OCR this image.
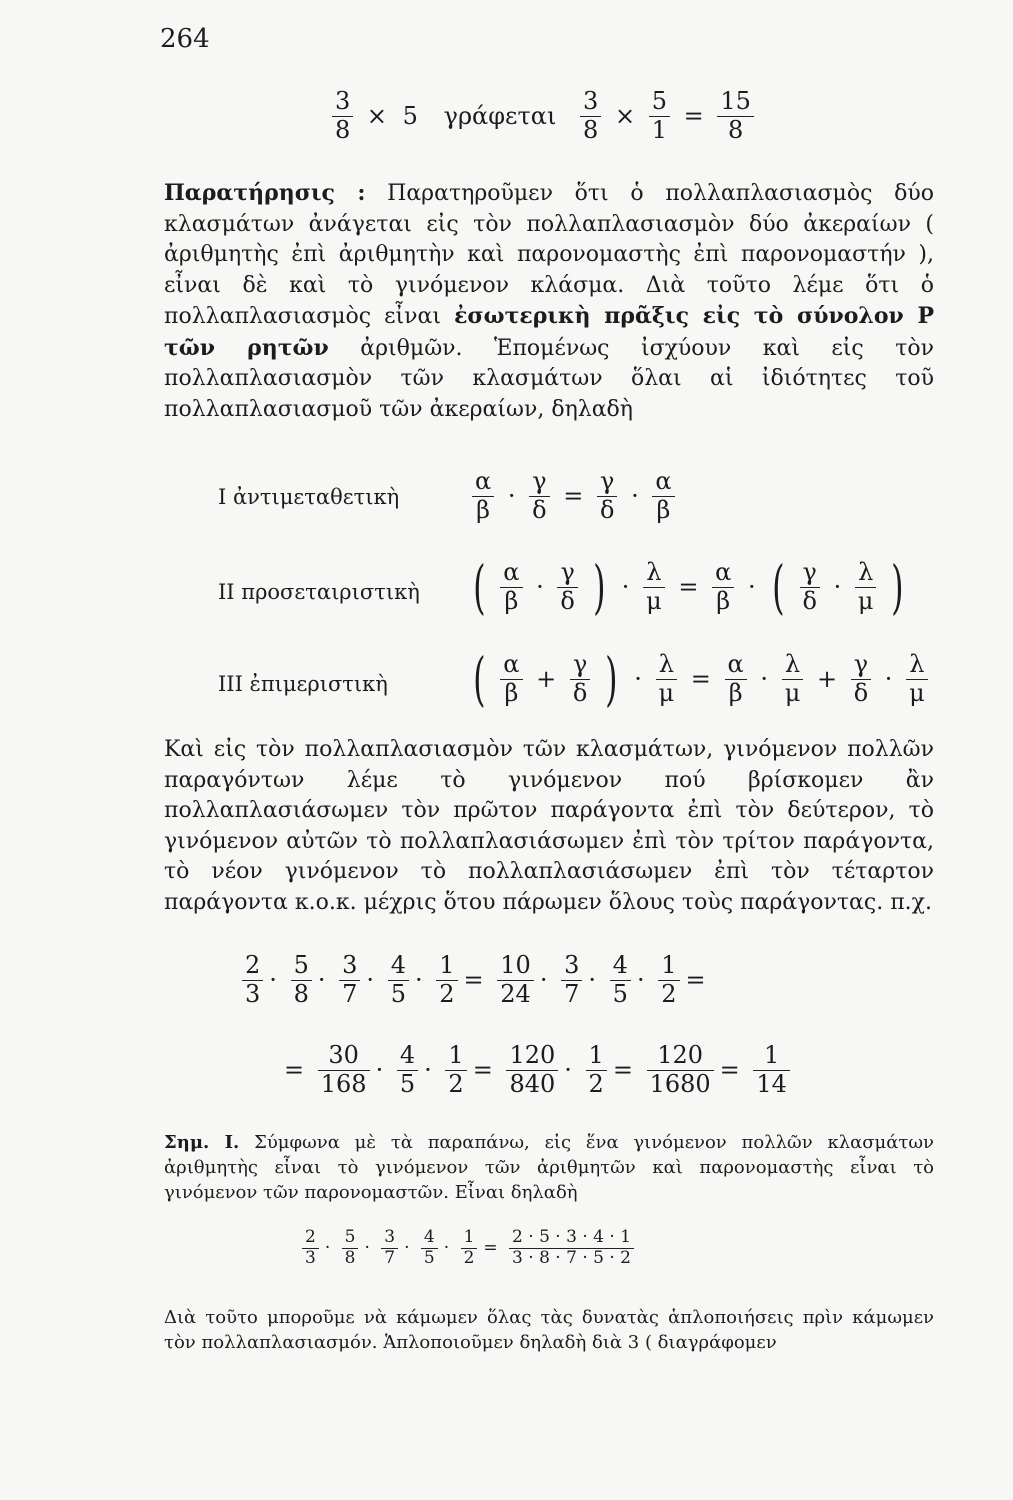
264
$\frac{3}{8} \times 5$ γράφεται $\frac{3}{8} \times \frac{5}{1} = \frac{15}{8}$
Παρατήρησις : Παρατηροῦμεν ὅτι ὁ πολλαπλασιασμὸς δύο κλασμάτων ἀνάγεται εἰς τὸν πολλαπλασιασμὸν δύο ἀκεραίων ( ἀριθμητὴς ἐπὶ ἀριθμητὴν καὶ παρονομαστὴς ἐπὶ παρονομαστήν ), εἶναι δὲ καὶ τὸ γινόμενον κλάσμα. Διὰ τοῦτο λέμε ὅτι ὁ πολλαπλασιασμὸς εἶναι ἐσωτερικὴ πρᾶξις εἰς τὸ σύνολον P τῶν ρητῶν ἀριθμῶν. Ἑπομένως ἰσχύουν καὶ εἰς τὸν πολλαπλασιασμὸν τῶν κλασμάτων ὅλαι αἱ ἰδιότητες τοῦ πολλαπλασιασμοῦ τῶν ἀκεραίων, δηλαδὴ
I ἀντιμεταθετικὴ	$\frac{\alpha}{\beta} \cdot \frac{\gamma}{\delta} = \frac{\gamma}{\delta} \cdot \frac{\alpha}{\beta}$
II προσεταιριστικὴ ( $\frac{\alpha}{\beta} \cdot \frac{\gamma}{\delta}$ ) · $\frac{\lambda}{\mu} = \frac{\alpha}{\beta}$ · ( $\frac{\gamma}{\delta} \cdot \frac{\lambda}{\mu}$ )
III ἐπιμεριστικὴ ( $\frac{\alpha}{\beta} + \frac{\gamma}{\delta}$ ) · $\frac{\lambda}{\mu} = \frac{\alpha}{\beta} \cdot \frac{\lambda}{\mu} + \frac{\gamma}{\delta} \cdot \frac{\lambda}{\mu}$
Καὶ εἰς τὸν πολλαπλασιασμὸν τῶν κλασμάτων, γινόμενον πολλῶν παραγόντων λέμε τὸ γινόμενον πού βρίσκομεν ἂν πολλαπλασιάσωμεν τὸν πρῶτον παράγοντα ἐπὶ τὸν δεύτερον, τὸ γινόμενον αὐτῶν τὸ πολλαπλασιάσωμεν ἐπὶ τὸν τρίτον παράγοντα, τὸ νέον γινόμενον τὸ πολλαπλασιάσωμεν ἐπὶ τὸν τέταρτον παράγοντα κ.ο.κ. μέχρις ὅτου πάρωμεν ὅλους τοὺς παράγοντας. π.χ.
$\frac{2}{3} \cdot \frac{5}{8} \cdot \frac{3}{7} \cdot \frac{4}{5} \cdot \frac{1}{2} = \frac{10}{24} \cdot \frac{3}{7} \cdot \frac{4}{5} \cdot \frac{1}{2}$ =
= $\frac{30}{168} \cdot \frac{4}{5} \cdot \frac{1}{2} = \frac{120}{840} \cdot \frac{1}{2} = \frac{120}{1680} = \frac{1}{14}$
Σημ. I. Σύμφωνα μὲ τὰ παραπάνω, εἰς ἕνα γινόμενον πολλῶν κλασμάτων ἀριθμητὴς εἶναι τὸ γινόμενον τῶν ἀριθμητῶν καὶ παρονομαστὴς εἶναι τὸ γινόμενον τῶν παρονομαστῶν. Εἶναι δηλαδὴ
$\frac{2}{3} \cdot \frac{5}{8} \cdot \frac{3}{7} \cdot \frac{4}{5} \cdot \frac{1}{2} = \frac{2 \cdot 5 \cdot 3 \cdot 4 \cdot 1}{3 \cdot 8 \cdot 7 \cdot 5 \cdot 2}$
Διὰ τοῦτο μποροῦμε νὰ κάμωμεν ὅλας τὰς δυνατὰς ἁπλοποιήσεις πρὶν κάμωμεν τὸν πολλαπλασιασμόν. Ἁπλοποιοῦμεν δηλαδὴ διὰ 3 ( διαγράφομεν
